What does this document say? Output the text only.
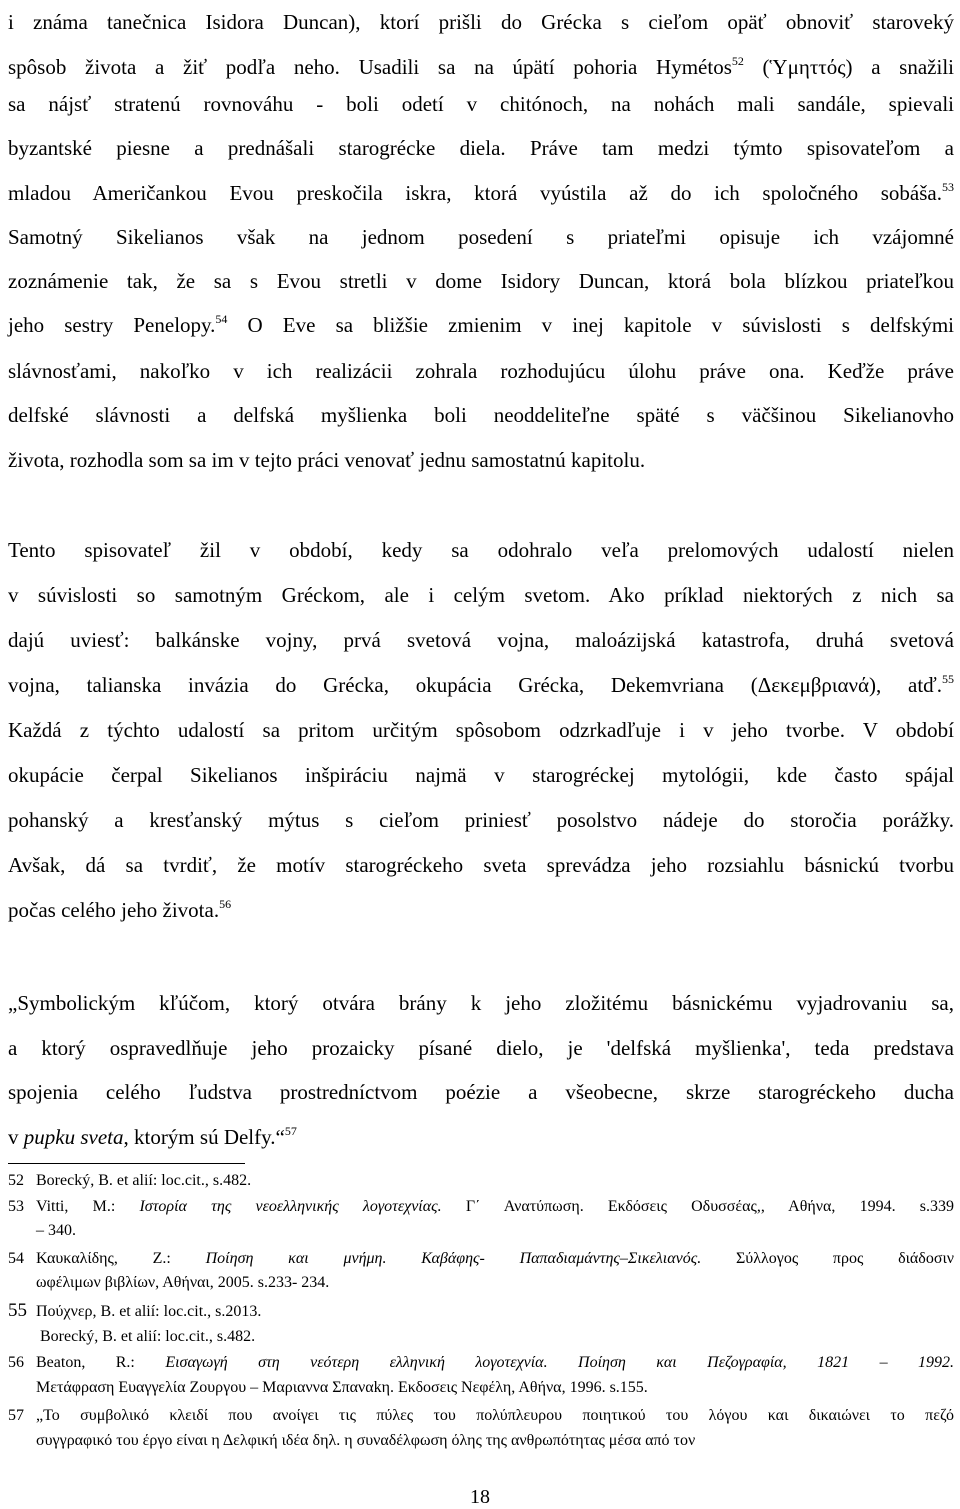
i známa tanečnica Isidora Duncan), ktorí prišli do Grécka s cieľom opäť obnoviť staroveký
spôsob života a žiť podľa neho. Usadili sa na úpätí pohoria Hymétos$^{52}$ (Ὑμηττός) a snažili
sa nájsť stratenú rovnováhu - boli odetí v chitónoch, na nohách mali sandále, spievali
byzantské piesne a prednášali starogrécke diela. Práve tam medzi týmto spisovateľom a
mladou Američankou Evou preskočila iskra, ktorá vyústila až do ich spoločného sobáša.$^{53}$
Samotný Sikelianos však na jednom posedení s priateľmi opisuje ich vzájomné
zoznámenie tak, že sa s Evou stretli v dome Isidory Duncan, ktorá bola blízkou priateľkou
jeho sestry Penelopy.$^{54}$ O Eve sa bližšie zmienim v inej kapitole v súvislosti s delfskými
slávnosťami, nakoľko v ich realizácii zohrala rozhodujúcu úlohu práve ona. Keďže práve
delfské slávnosti a delfská myšlienka boli neoddeliteľne späté s väčšinou Sikelianovho
života, rozhodla som sa im v tejto práci venovať jednu samostatnú kapitolu.
Tento spisovateľ žil v období, kedy sa odohralo veľa prelomových udalostí nielen
v súvislosti so samotným Gréckom, ale i celým svetom. Ako príklad niektorých z nich sa
dajú uviesť: balkánske vojny, prvá svetová vojna, maloázijská katastrofa, druhá svetová
vojna, talianska invázia do Grécka, okupácia Grécka, Dekemvriana (Δεκεμβριανά), atď.$^{55}$
Každá z týchto udalostí sa pritom určitým spôsobom odzrkadľuje i v jeho tvorbe. V období
okupácie čerpal Sikelianos inšpiráciu najmä v starogréckej mytológii, kde často spájal
pohanský a kresťanský mýtus s cieľom priniesť posolstvo nádeje do storočia porážky.
Avšak, dá sa tvrdiť, že motív starogréckeho sveta sprevádza jeho rozsiahlu básnickú tvorbu
počas celého jeho života.$^{56}$
„Symbolickým kľúčom, ktorý otvára brány k jeho zložitému básnickému vyjadrovaniu sa,
a ktorý ospravedlňuje jeho prozaicky písané dielo, je 'delfská myšlienka', teda predstava
spojenia celého ľudstva prostredníctvom poézie a všeobecne, skrze starogréckeho ducha
v pupku sveta, ktorým sú Delfy.“$^{57}$
52 Borecký, B. et alií: loc.cit., s.482.
53 Vitti, M.: Ιστορία της νεοελληνικής λογοτεχνίας. Γ΄ Ανατύπωση. Εκδόσεις Οδυσσέας,, Αθήνα, 1994. s.339
– 340.
54 Καυκαλίδης, Ζ.: Ποίηση και μνήμη. Καβάφης- Παπαδιαμάντης–Σικελιανός. Σύλλογος προς διάδοσιν
ωφέλιμων βιβλίων, Αθήναι, 2005. s.233- 234.
55 Πούχνερ, B. et alií: loc.cit., s.2013.
Borecký, B. et alií: loc.cit., s.482.
56 Beaton, R.: Εισαγωγή στη νεότερη ελληνική λογοτεχνία. Ποίηση και Πεζογραφία, 1821 – 1992.
Μετάφραση Ευαγγελία Ζουργου – Μαριαννα Σπαναkη. Εκδοσεις Νεφέλη, Αθήνα, 1996. s.155.
57 „Το συμβολικό κλειδί που ανοίγει τις πύλες του πολύπλευρου ποιητικού του λόγου και δικαιώνει το πεζό
συγγραφικό του έργο είναι η Δελφική ιδέα δηλ. η συναδέλφωση όλης της ανθρωπότητας μέσα από τον
18
